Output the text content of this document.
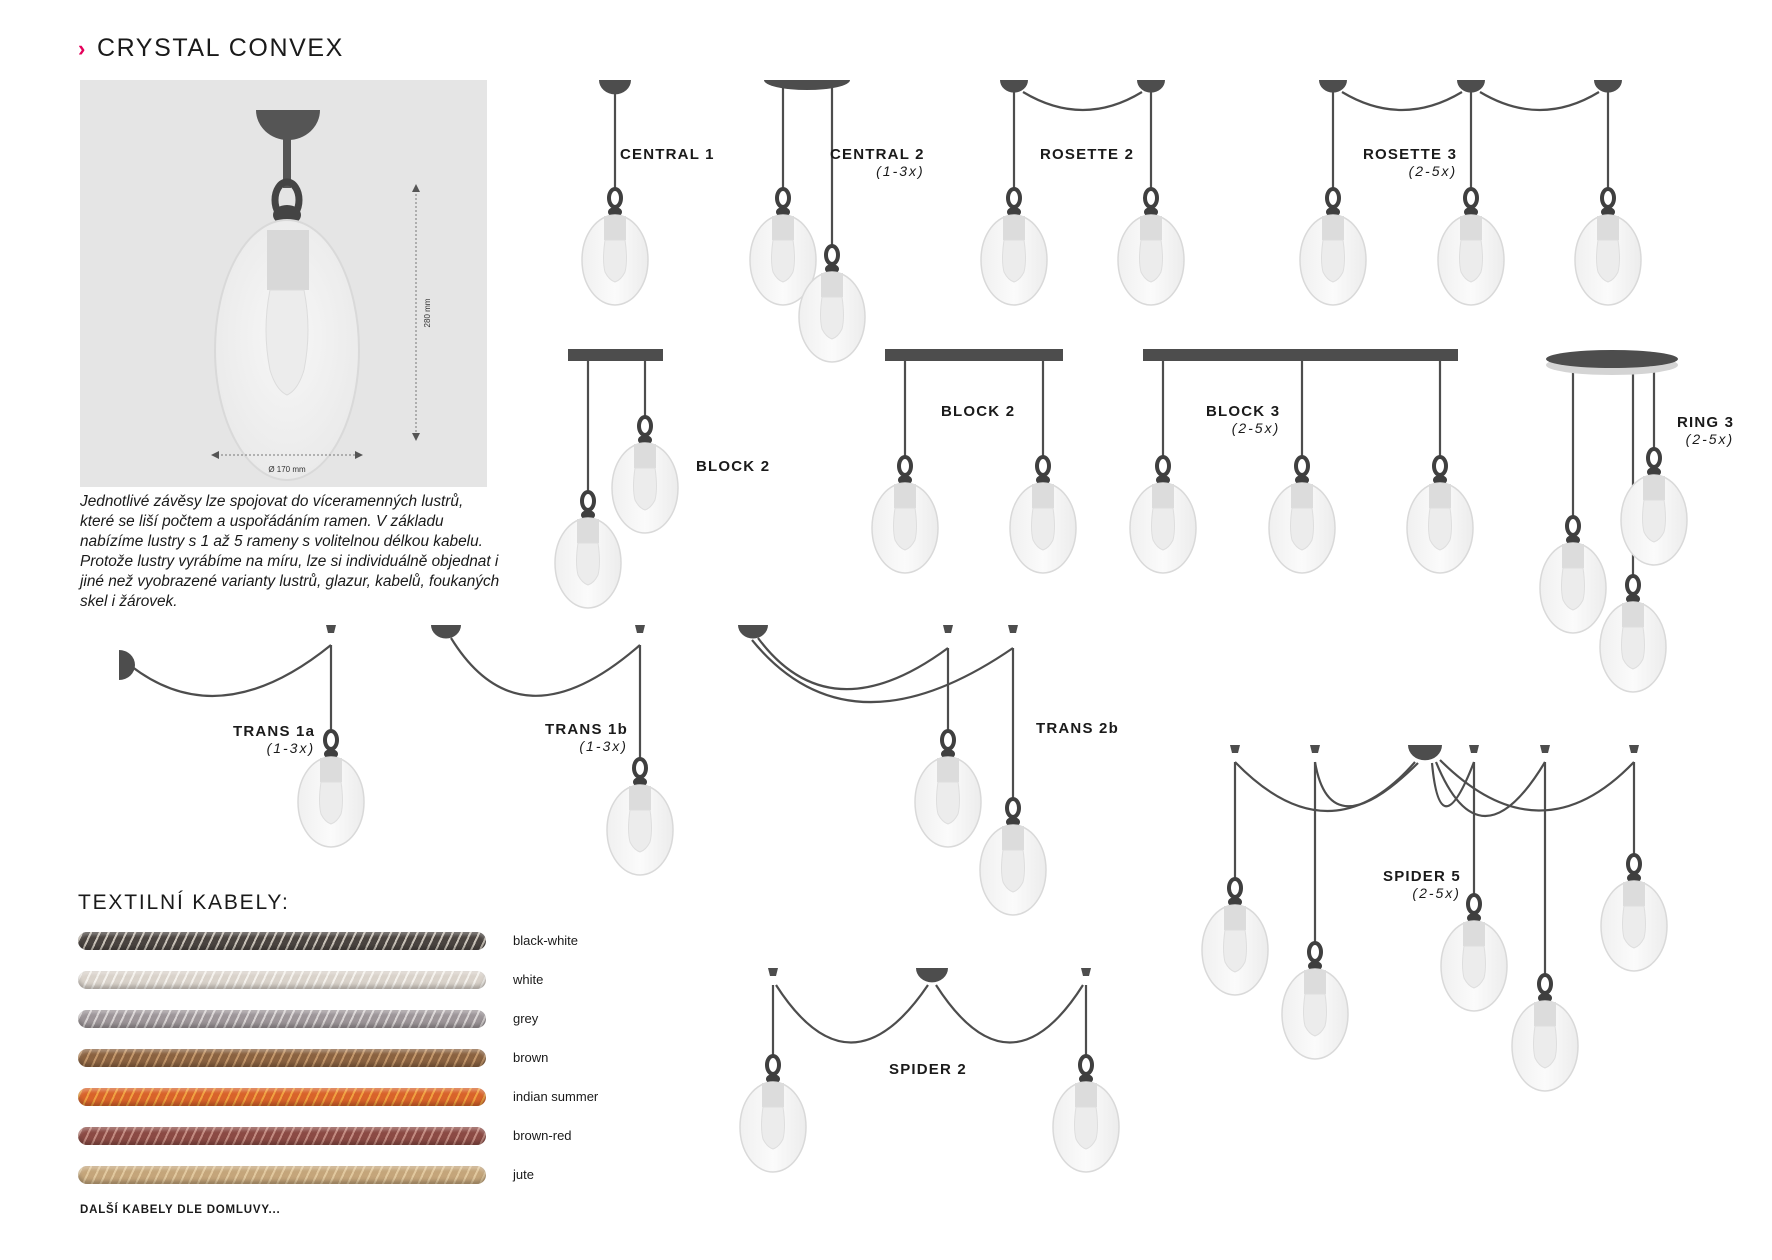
› CRYSTAL CONVEX
280 mm
Ø 170 mm
Jednotlivé závěsy lze spojovat do víceramenných lustrů, které se liší počtem a uspořádáním ramen. V základu nabízíme lustry s 1 až 5 rameny s volitelnou délkou kabelu. Protože lustry vyrábíme na míru, lze si individuálně objednat i jiné než vyobrazené varianty lustrů, glazur, kabelů, foukaných skel i žárovek.
TEXTILNÍ KABELY:
black-white
white
grey
brown
indian summer
brown-red
jute
DALŠÍ KABELY DLE DOMLUVY...
CENTRAL 1	CENTRAL 2
(1-3x)
ROSETTE 2	ROSETTE 3
(2-5x)
BLOCK 2
BLOCK 2	BLOCK 3
(2-5x)	RING 3
(2-5x)
TRANS 1a
(1-3x)
TRANS 1b
(1-3x)
TRANS 2b
SPIDER 5
(2-5x)
SPIDER 2
